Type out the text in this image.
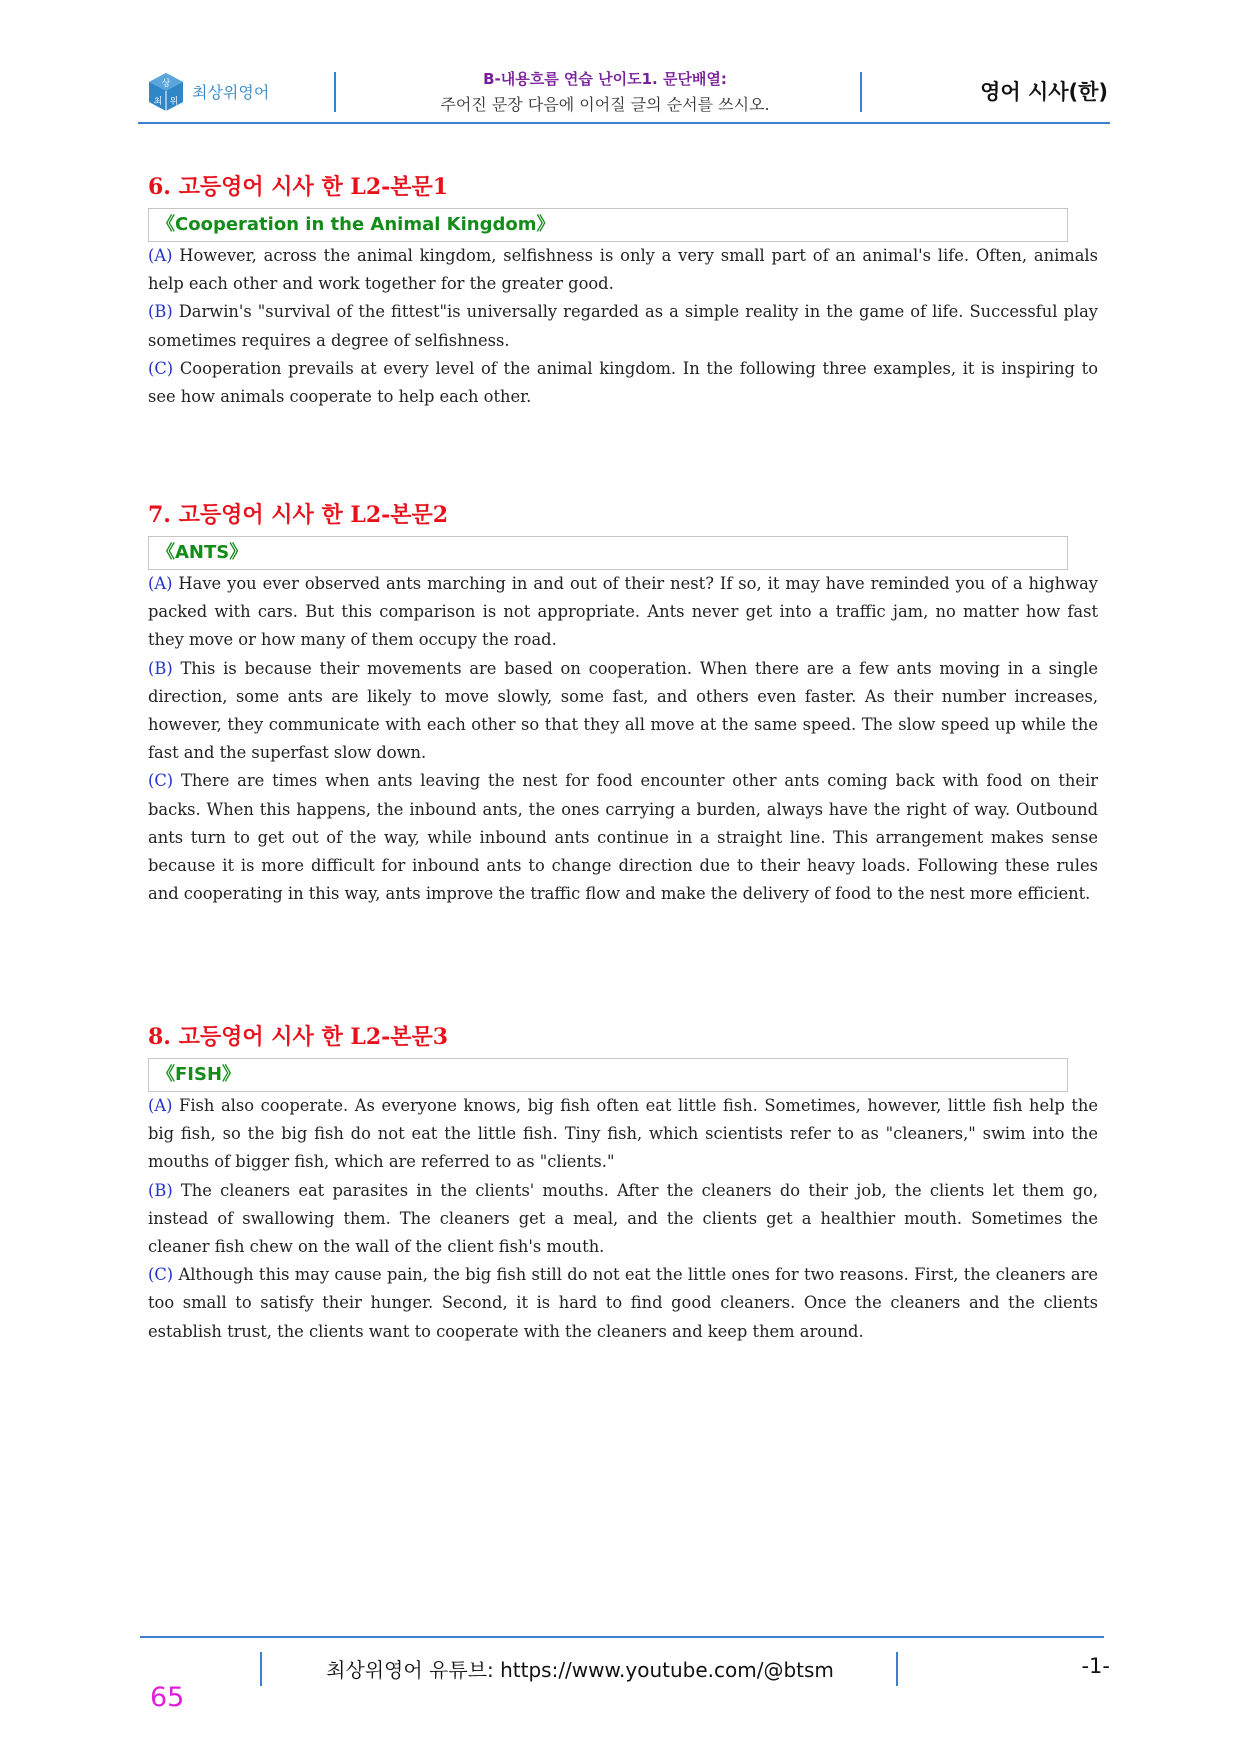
상
최 위 최상위영어
B-내용흐름 연습 난이도1. 문단배열:
주어진 문장 다음에 이어질 글의 순서를 쓰시오.
영어 시사(한)
6. 고등영어 시사 한 L2-본문1
《Cooperation in the Animal Kingdom》

(A) However, across the animal kingdom, selfishness is only a very small part of an animal's life. Often, animals help each other and work together for the greater good.

(B) Darwin's "survival of the fittest"is universally regarded as a simple reality in the game of life. Successful play sometimes requires a degree of selfishness.

(C) Cooperation prevails at every level of the animal kingdom. In the following three examples, it is inspiring to see how animals cooperate to help each other.

7. 고등영어 시사 한 L2-본문2
《ANTS》

(A) Have you ever observed ants marching in and out of their nest? If so, it may have reminded you of a highway packed with cars. But this comparison is not appropriate. Ants never get into a traffic jam, no matter how fast they move or how many of them occupy the road.

(B) This is because their movements are based on cooperation. When there are a few ants moving in a single direction, some ants are likely to move slowly, some fast, and others even faster. As their number increases, however, they communicate with each other so that they all move at the same speed. The slow speed up while the fast and the superfast slow down.

(C) There are times when ants leaving the nest for food encounter other ants coming back with food on their backs. When this happens, the inbound ants, the ones carrying a burden, always have the right of way. Outbound ants turn to get out of the way, while inbound ants continue in a straight line. This arrangement makes sense because it is more difficult for inbound ants to change direction due to their heavy loads. Following these rules and cooperating in this way, ants improve the traffic flow and make the delivery of food to the nest more efficient.

8. 고등영어 시사 한 L2-본문3
《FISH》

(A) Fish also cooperate. As everyone knows, big fish often eat little fish. Sometimes, however, little fish help the big fish, so the big fish do not eat the little fish. Tiny fish, which scientists refer to as "cleaners," swim into the mouths of bigger fish, which are referred to as "clients."

(B) The cleaners eat parasites in the clients' mouths. After the cleaners do their job, the clients let them go, instead of swallowing them. The cleaners get a meal, and the clients get a healthier mouth. Sometimes the cleaner fish chew on the wall of the client fish's mouth.

(C) Although this may cause pain, the big fish still do not eat the little ones for two reasons. First, the cleaners are too small to satisfy their hunger. Second, it is hard to find good cleaners. Once the cleaners and the clients establish trust, the clients want to cooperate with the cleaners and keep them around.

최상위영어 유튜브: https://www.youtube.com/@btsm	-1-
65
